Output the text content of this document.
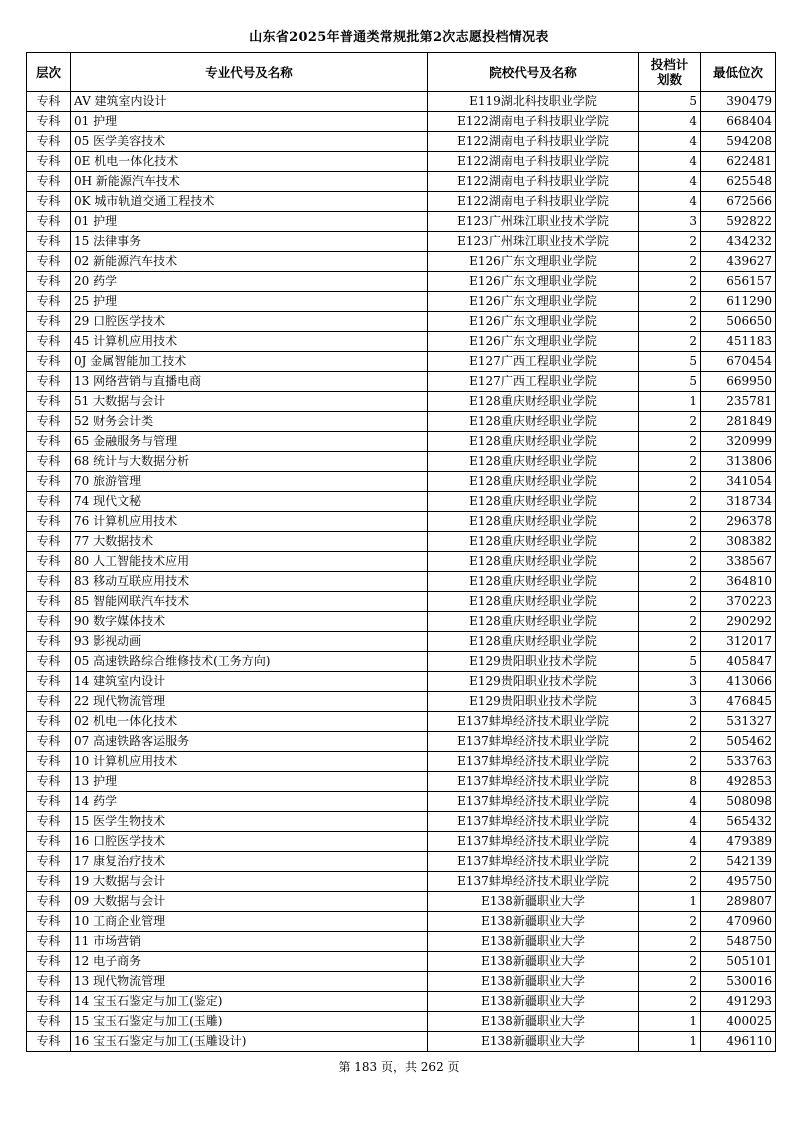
山东省2025年普通类常规批第2次志愿投档情况表
层次	专业代号及名称	院校代号及名称	投档计划数	最低位次
专科	AV 建筑室内设计	E119湖北科技职业学院	5	390479
专科	01 护理	E122湖南电子科技职业学院	4	668404
专科	05 医学美容技术	E122湖南电子科技职业学院	4	594208
专科	0E 机电一体化技术	E122湖南电子科技职业学院	4	622481
专科	0H 新能源汽车技术	E122湖南电子科技职业学院	4	625548
专科	0K 城市轨道交通工程技术	E122湖南电子科技职业学院	4	672566
专科	01 护理	E123广州珠江职业技术学院	3	592822
专科	15 法律事务	E123广州珠江职业技术学院	2	434232
专科	02 新能源汽车技术	E126广东文理职业学院	2	439627
专科	20 药学	E126广东文理职业学院	2	656157
专科	25 护理	E126广东文理职业学院	2	611290
专科	29 口腔医学技术	E126广东文理职业学院	2	506650
专科	45 计算机应用技术	E126广东文理职业学院	2	451183
专科	0J 金属智能加工技术	E127广西工程职业学院	5	670454
专科	13 网络营销与直播电商	E127广西工程职业学院	5	669950
专科	51 大数据与会计	E128重庆财经职业学院	1	235781
专科	52 财务会计类	E128重庆财经职业学院	2	281849
专科	65 金融服务与管理	E128重庆财经职业学院	2	320999
专科	68 统计与大数据分析	E128重庆财经职业学院	2	313806
专科	70 旅游管理	E128重庆财经职业学院	2	341054
专科	74 现代文秘	E128重庆财经职业学院	2	318734
专科	76 计算机应用技术	E128重庆财经职业学院	2	296378
专科	77 大数据技术	E128重庆财经职业学院	2	308382
专科	80 人工智能技术应用	E128重庆财经职业学院	2	338567
专科	83 移动互联应用技术	E128重庆财经职业学院	2	364810
专科	85 智能网联汽车技术	E128重庆财经职业学院	2	370223
专科	90 数字媒体技术	E128重庆财经职业学院	2	290292
专科	93 影视动画	E128重庆财经职业学院	2	312017
专科	05 高速铁路综合维修技术(工务方向)	E129贵阳职业技术学院	5	405847
专科	14 建筑室内设计	E129贵阳职业技术学院	3	413066
专科	22 现代物流管理	E129贵阳职业技术学院	3	476845
专科	02 机电一体化技术	E137蚌埠经济技术职业学院	2	531327
专科	07 高速铁路客运服务	E137蚌埠经济技术职业学院	2	505462
专科	10 计算机应用技术	E137蚌埠经济技术职业学院	2	533763
专科	13 护理	E137蚌埠经济技术职业学院	8	492853
专科	14 药学	E137蚌埠经济技术职业学院	4	508098
专科	15 医学生物技术	E137蚌埠经济技术职业学院	4	565432
专科	16 口腔医学技术	E137蚌埠经济技术职业学院	4	479389
专科	17 康复治疗技术	E137蚌埠经济技术职业学院	2	542139
专科	19 大数据与会计	E137蚌埠经济技术职业学院	2	495750
专科	09 大数据与会计	E138新疆职业大学	1	289807
专科	10 工商企业管理	E138新疆职业大学	2	470960
专科	11 市场营销	E138新疆职业大学	2	548750
专科	12 电子商务	E138新疆职业大学	2	505101
专科	13 现代物流管理	E138新疆职业大学	2	530016
专科	14 宝玉石鉴定与加工(鉴定)	E138新疆职业大学	2	491293
专科	15 宝玉石鉴定与加工(玉雕)	E138新疆职业大学	1	400025
专科	16 宝玉石鉴定与加工(玉雕设计)	E138新疆职业大学	1	496110
第 183 页，共 262 页
